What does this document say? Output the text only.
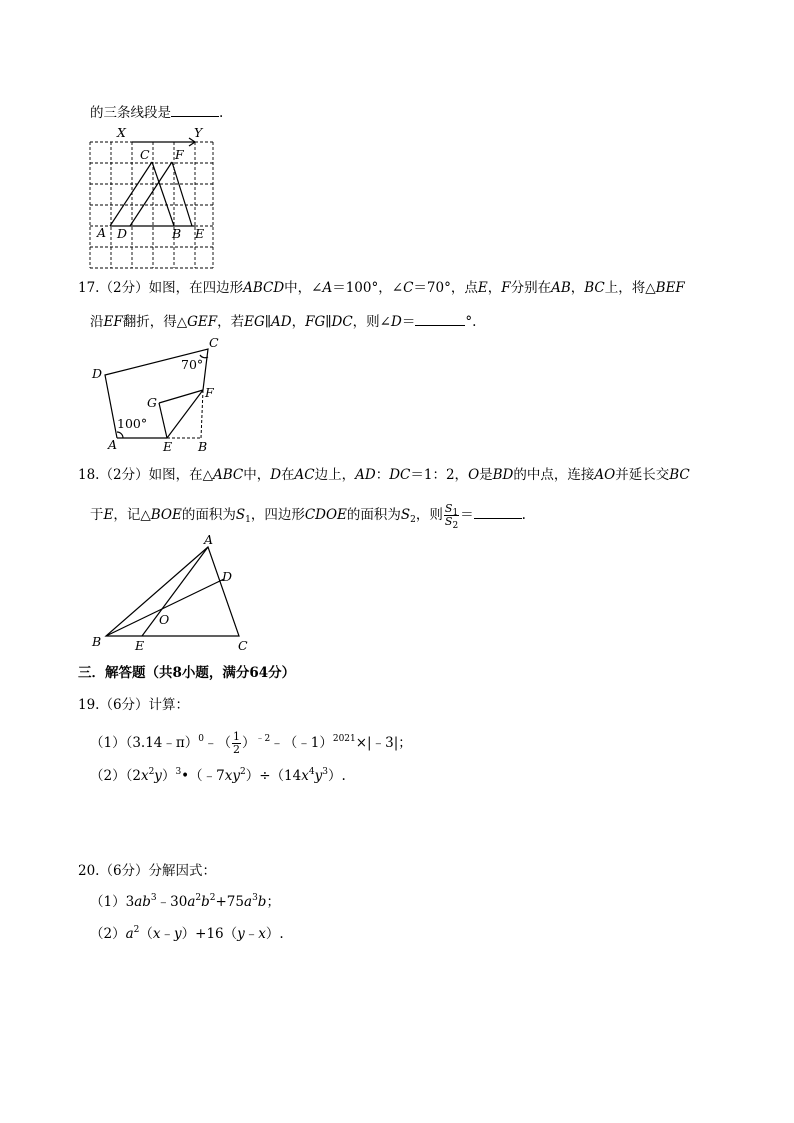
的三条线段是	.
X	Y
C F
A D	B E
17.（2分）如图，在四边形ABCD中，∠A＝100°，∠C＝70°，点E，F分别在AB，BC上，将△BEF
沿EF翻折，得△GEF，若EG∥AD，FG∥DC，则∠D＝	°.
C
D
70°
G
F
100°
A	E B
18.（2分）如图，在△ABC中，D在AC边上，AD：DC＝1：2，O是BD的中点，连接AO并延长交BC
于E，记△BOE的面积为$S_1$，四边形CDOE的面积为$S_2$，则 $\frac{S_1}{S_2}$ ＝	.
A
D
O
B	E	C
三．解答题（共8小题，满分64分）
19.（6分）计算：
（1）（3.14﹣π）$^0$﹣（ $\frac{1}{2}$ ）$^{﹣2}$﹣（﹣1）$^{2021}$×|﹣3|；
$(2)(2x^2y)^3•(﹣7xy^2)\div(14x^4y^3)$.
20.（6分）分解因式：
$(1)3ab^3﹣30a^2b^2+75a^3b$；
$(2)a^2(x﹣y)+16(y﹣x)$.
